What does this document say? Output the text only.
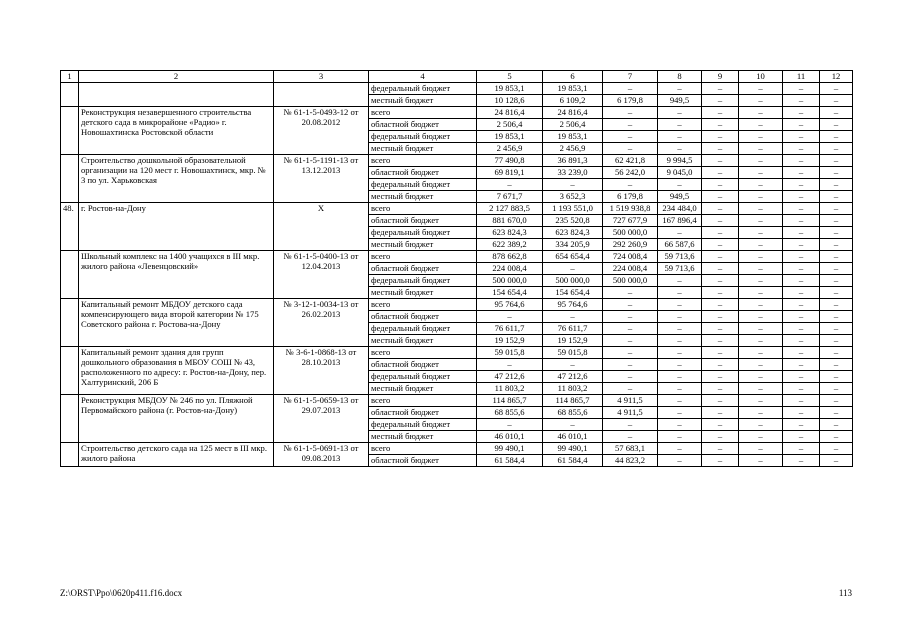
1	2	3	4	5	6	7	8	9	10	11	12
			федеральный бюджет	19 853,1	19 853,1	–	–	–	–	–	–
			местный бюджет	10 128,6	6 109,2	6 179,8	949,5	–	–	–	–
	Реконструкция незавершенного строительства детского сада в микрорайоне «Радио» г. Новошахтинска Ростовской области	№ 61-1-5-0493-12 от 20.08.2012	всего	24 816,4	24 816,4	–	–	–	–	–	–
			областной бюджет	2 506,4	2 506,4	–	–	–	–	–	–
			федеральный бюджет	19 853,1	19 853,1	–	–	–	–	–	–
			местный бюджет	2 456,9	2 456,9	–	–	–	–	–	–
	Строительство дошкольной образовательной организации на 120 мест г. Новошахтинск, мкр. № 3 по ул. Харьковская	№ 61-1-5-1191-13 от 13.12.2013	всего	77 490,8	36 891,3	62 421,8	9 994,5	–	–	–	–
			областной бюджет	69 819,1	33 239,0	56 242,0	9 045,0	–	–	–	–
			федеральный бюджет	–	–	–	–	–	–	–	–
			местный бюджет	7 671,7	3 652,3	6 179,8	949,5	–	–	–	–
48.	г. Ростов-на-Дону	Х	всего	2 127 883,5	1 193 551,0	1 519 938,8	234 484,0	–	–	–	–
			областной бюджет	881 670,0	235 520,8	727 677,9	167 896,4	–	–	–	–
			федеральный бюджет	623 824,3	623 824,3	500 000,0	–	–	–	–	–
			местный бюджет	622 389,2	334 205,9	292 260,9	66 587,6	–	–	–	–
	Школьный комплекс на 1400 учащихся в III мкр. жилого района «Левенцовский»	№ 61-1-5-0400-13 от 12.04.2013	всего	878 662,8	654 654,4	724 008,4	59 713,6	–	–	–	–
			областной бюджет	224 008,4	–	224 008,4	59 713,6	–	–	–	–
			федеральный бюджет	500 000,0	500 000,0	500 000,0	–	–	–	–	–
			местный бюджет	154 654,4	154 654,4	–	–	–	–	–	–
	Капитальный ремонт МБДОУ детского сада компенсирующего вида второй категории № 175 Советского района г. Ростова-на-Дону	№ 3-12-1-0034-13 от 26.02.2013	всего	95 764,6	95 764,6	–	–	–	–	–	–
			областной бюджет	–	–	–	–	–	–	–	–
			федеральный бюджет	76 611,7	76 611,7	–	–	–	–	–	–
			местный бюджет	19 152,9	19 152,9	–	–	–	–	–	–
	Капитальный ремонт здания для групп дошкольного образования в МБОУ СОШ № 43, расположенного по адресу: г. Ростов-на-Дону, пер. Халтуринский, 206 Б	№ 3-6-1-0868-13 от 28.10.2013	всего	59 015,8	59 015,8	–	–	–	–	–	–
			областной бюджет	–	–	–	–	–	–	–	–
			федеральный бюджет	47 212,6	47 212,6	–	–	–	–	–	–
			местный бюджет	11 803,2	11 803,2	–	–	–	–	–	–
	Реконструкция МБДОУ № 246 по ул. Пляжной Первомайского района (г. Ростов-на-Дону)	№ 61-1-5-0659-13 от 29.07.2013	всего	114 865,7	114 865,7	4 911,5	–	–	–	–	–
			областной бюджет	68 855,6	68 855,6	4 911,5	–	–	–	–	–
			федеральный бюджет	–	–	–	–	–	–	–	–
			местный бюджет	46 010,1	46 010,1	–	–	–	–	–	–
	Строительство детского сада на 125 мест в III мкр. жилого района	№ 61-1-5-0691-13 от 09.08.2013	всего	99 490,1	99 490,1	57 683,1	–	–	–	–	–
			областной бюджет	61 584,4	61 584,4	44 823,2	–	–	–	–	–
Z:\ORST\Ppo\0620p411.f16.docx	113
